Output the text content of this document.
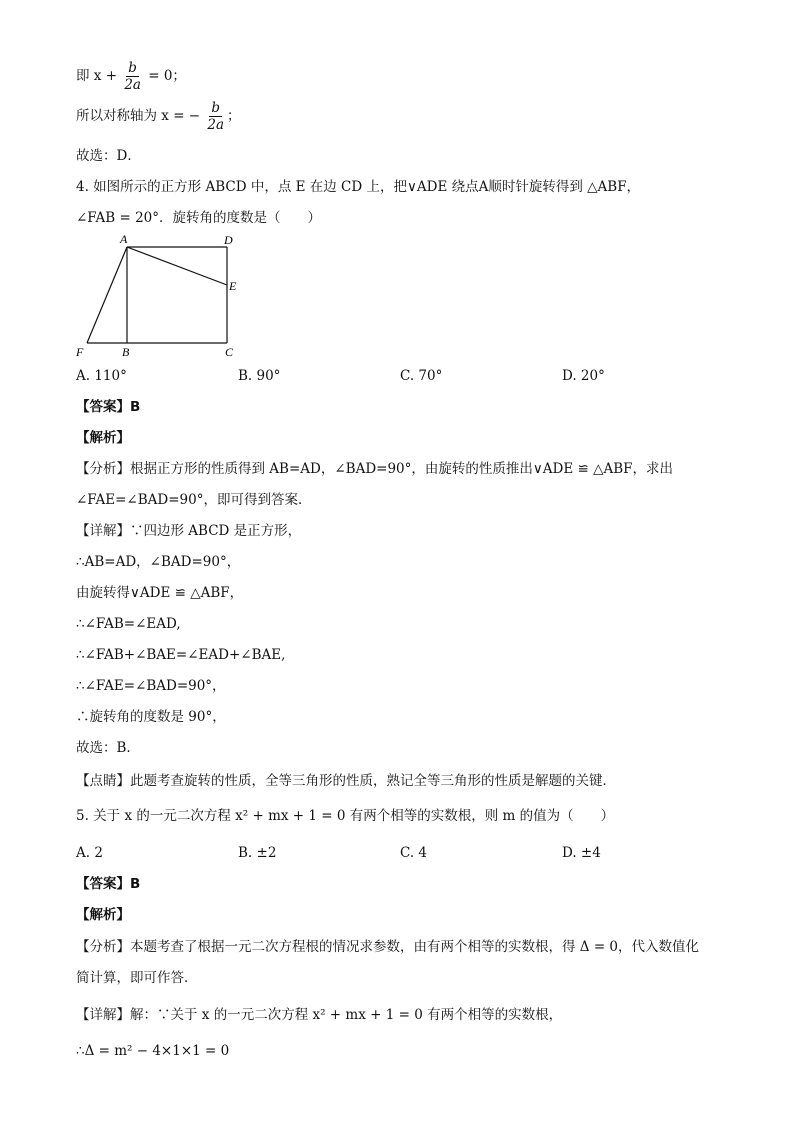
即 $x + \frac{b}{2a} = 0$；
所以对称轴为 x = − $\frac{b}{2a}$ ；
故选：D．
4. 如图所示的正方形 ABCD 中，点 E 在边 CD 上，把∨ADE 绕点A顺时针旋转得到 △ABF，
∠FAB = 20°．旋转角的度数是（　　）
A	D
E
F	B	C
A. 110°	B. 90°	C. 70°	D. 20°
【答案】B
【解析】
【分析】根据正方形的性质得到 AB=AD，∠BAD=90°，由旋转的性质推出∨ADE ≌ △ABF，求出
∠FAE=∠BAD=90°，即可得到答案．
【详解】∵四边形 ABCD 是正方形，
∴AB=AD，∠BAD=90°，
由旋转得∨ADE ≌ △ABF，
∴∠FAB=∠EAD,
∴∠FAB+∠BAE=∠EAD+∠BAE,
∴∠FAE=∠BAD=90°，
∴旋转角的度数是 90°，
故选：B．
【点睛】此题考查旋转的性质，全等三角形的性质，熟记全等三角形的性质是解题的关键．
5. 关于 x 的一元二次方程 x² + mx + 1 = 0 有两个相等的实数根，则 m 的值为（　　）
A. 2	B. ±2	C. 4	D. ±4
【答案】B
【解析】
【分析】本题考查了根据一元二次方程根的情况求参数，由有两个相等的实数根，得 Δ = 0，代入数值化
简计算，即可作答．
【详解】解：∵关于 x 的一元二次方程 x² + mx + 1 = 0 有两个相等的实数根，
∴Δ = m² − 4×1×1 = 0
